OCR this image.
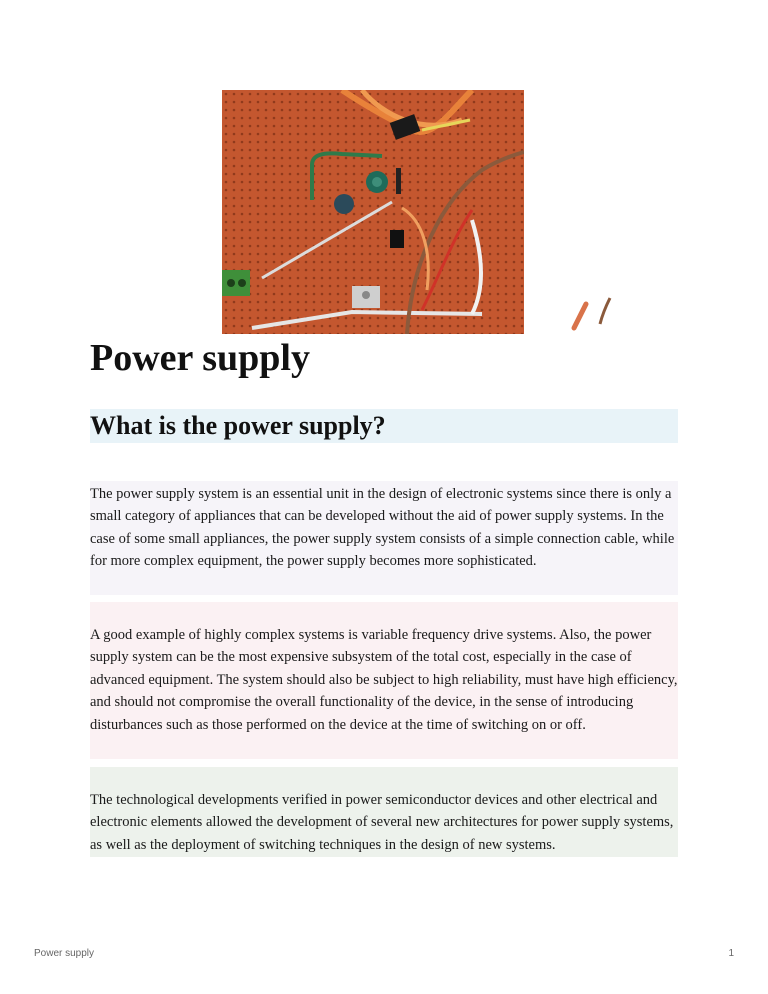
Power supply
What is the power supply?

The power supply system is an essential unit in the design of electronic systems since there is only a small category of appliances that can be developed without the aid of power supply systems. In the case of some small appliances, the power supply system consists of a simple connection cable, while for more complex equipment, the power supply becomes more sophisticated.

A good example of highly complex systems is variable frequency drive systems. Also, the power supply system can be the most expensive subsystem of the total cost, especially in the case of advanced equipment. The system should also be subject to high reliability, must have high efficiency, and should not compromise the overall functionality of the device, in the sense of introducing disturbances such as those performed on the device at the time of switching on or off.

The technological developments verified in power semiconductor devices and other electrical and electronic elements allowed the development of several new architectures for power supply systems, as well as the deployment of switching techniques in the design of new systems.

Power supply	1
